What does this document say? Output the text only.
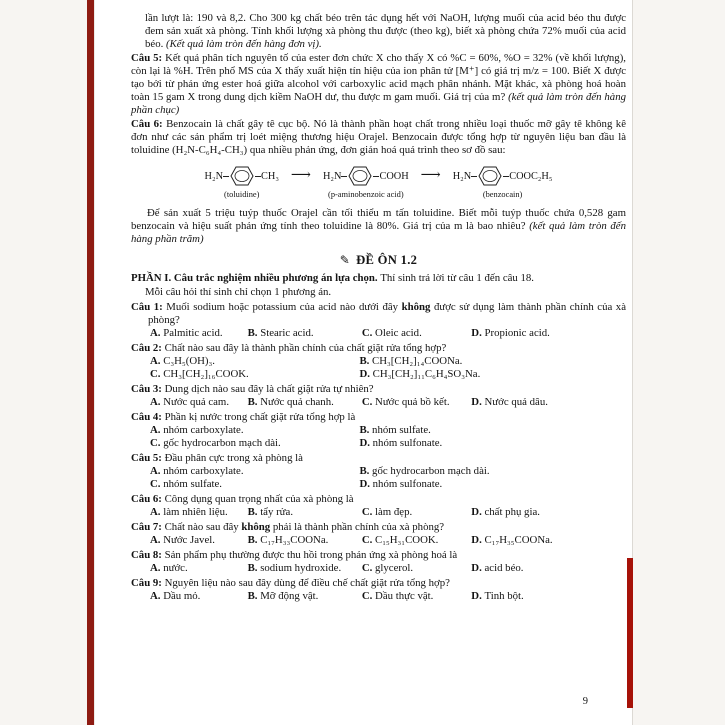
lần lượt là: 190 và 8,2. Cho 300 kg chất béo trên tác dụng hết với NaOH, lượng muối của acid béo thu được đem sản xuất xà phòng. Tính khối lượng xà phòng thu được (theo kg), biết xà phòng chứa 72% muối của acid béo. (Kết quả làm tròn đến hàng đơn vị).
Câu 5: Kết quả phân tích nguyên tố của ester đơn chức X cho thấy X có %C = 60%, %O = 32% (về khối lượng), còn lại là %H. Trên phổ MS của X thấy xuất hiện tín hiệu của ion phân tử [M⁺] có giá trị m/z = 100. Biết X được tạo bởi từ phản ứng ester hoá giữa alcohol với carboxylic acid mạch phân nhánh. Mặt khác, xà phòng hoá hoàn toàn 15 gam X trong dung dịch kiềm NaOH dư, thu được m gam muối. Giá trị của m? (kết quả làm tròn đến hàng phần chục)
Câu 6: Benzocain là chất gây tê cục bộ. Nó là thành phần hoạt chất trong nhiều loại thuốc mỡ gây tê không kê đơn như các sản phẩm trị loét miệng thương hiệu Orajel. Benzocain được tổng hợp từ nguyên liệu ban đầu là toluidine (H₂N-C₆H₄-CH₃) qua nhiều phản ứng, đơn giản hoá quá trình theo sơ đồ sau:
H₂N	CH₃
(toluidine)
⟶ H₂N	COOH
(p-aminobenzoic acid)
⟶ H₂N	COOC₂H₅
(benzocain)
Để sản xuất 5 triệu tuýp thuốc Orajel cần tối thiểu m tấn toluidine. Biết mỗi tuýp thuốc chứa 0,528 gam benzocain và hiệu suất phản ứng tính theo toluidine là 80%. Giá trị của m là bao nhiêu? (kết quả làm tròn đến hàng phần trăm)
✎ ĐỀ ÔN 1.2
PHẦN I. Câu trắc nghiệm nhiều phương án lựa chọn. Thí sinh trả lời từ câu 1 đến câu 18.
Mỗi câu hỏi thí sinh chỉ chọn 1 phương án.
Câu 1: Muối sodium hoặc potassium của acid nào dưới đây không được sử dụng làm thành phần chính của xà phòng?
A. Palmitic acid.	B. Stearic acid.	C. Oleic acid.	D. Propionic acid.
Câu 2: Chất nào sau đây là thành phần chính của chất giặt rửa tổng hợp?
A. C₃H₅(OH)₃.	B. CH₃[CH₂]₁₄COONa.
C. CH₃[CH₂]₁₆COOK.	D. CH₃[CH₂]₁₁C₆H₄SO₃Na.
Câu 3: Dung dịch nào sau đây là chất giặt rửa tự nhiên?
A. Nước quả cam.	B. Nước quả chanh.	C. Nước quả bồ kết.	D. Nước quả dâu.
Câu 4: Phần kị nước trong chất giặt rửa tổng hợp là
A. nhóm carboxylate.	B. nhóm sulfate.
C. gốc hydrocarbon mạch dài.	D. nhóm sulfonate.
Câu 5: Đầu phân cực trong xà phòng là
A. nhóm carboxylate.	B. gốc hydrocarbon mạch dài.
C. nhóm sulfate.	D. nhóm sulfonate.
Câu 6: Công dụng quan trọng nhất của xà phòng là
A. làm nhiên liệu.	B. tẩy rửa.	C. làm đẹp.	D. chất phụ gia.
Câu 7: Chất nào sau đây không phải là thành phần chính của xà phòng?
A. Nước Javel.	B. C₁₇H₃₃COONa.	C. C₁₅H₃₁COOK.	D. C₁₇H₃₅COONa.
Câu 8: Sản phẩm phụ thường được thu hồi trong phản ứng xà phòng hoá là
A. nước.	B. sodium hydroxide.	C. glycerol.	D. acid béo.
Câu 9: Nguyên liệu nào sau đây dùng để điều chế chất giặt rửa tổng hợp?
A. Dầu mỏ.	B. Mỡ động vật.	C. Dầu thực vật.	D. Tinh bột.
9
